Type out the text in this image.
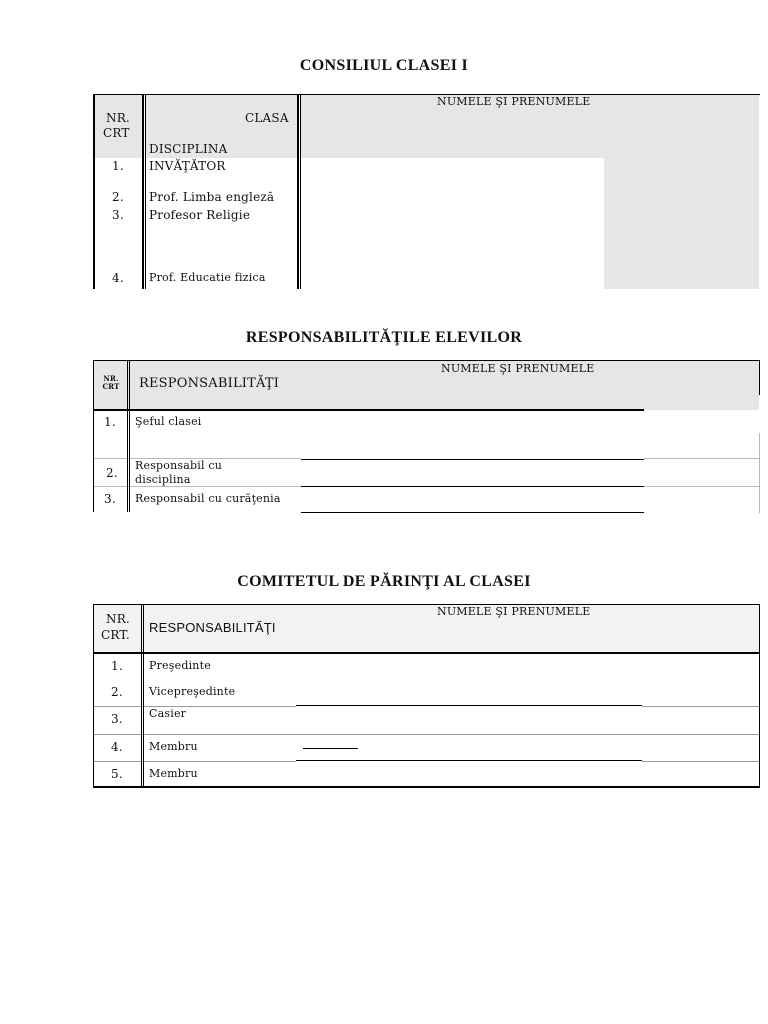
CONSILIUL CLASEI I
NR.
CRT
CLASA
DISCIPLINA
NUMELE ŞI PRENUMELE
1. INVĂŢĂTOR
2. Prof. Limba engleză
3. Profesor Religie
4. Prof. Educatie fizica
RESPONSABILITĂŢILE ELEVILOR
NR.
CRT	RESPONSABILITĂŢI
NUMELE ŞI PRENUMELE
1. Şeful clasei
2.
Responsabil cu
disciplina
3. Responsabil cu curăţenia
COMITETUL DE PĂRINŢI AL CLASEI
NR.
CRT. RESPONSABILITĂŢI
NUMELE ŞI PRENUMELE
1. Preşedinte
2. Vicepreşedinte
3. Casier
4. Membru
5. Membru
